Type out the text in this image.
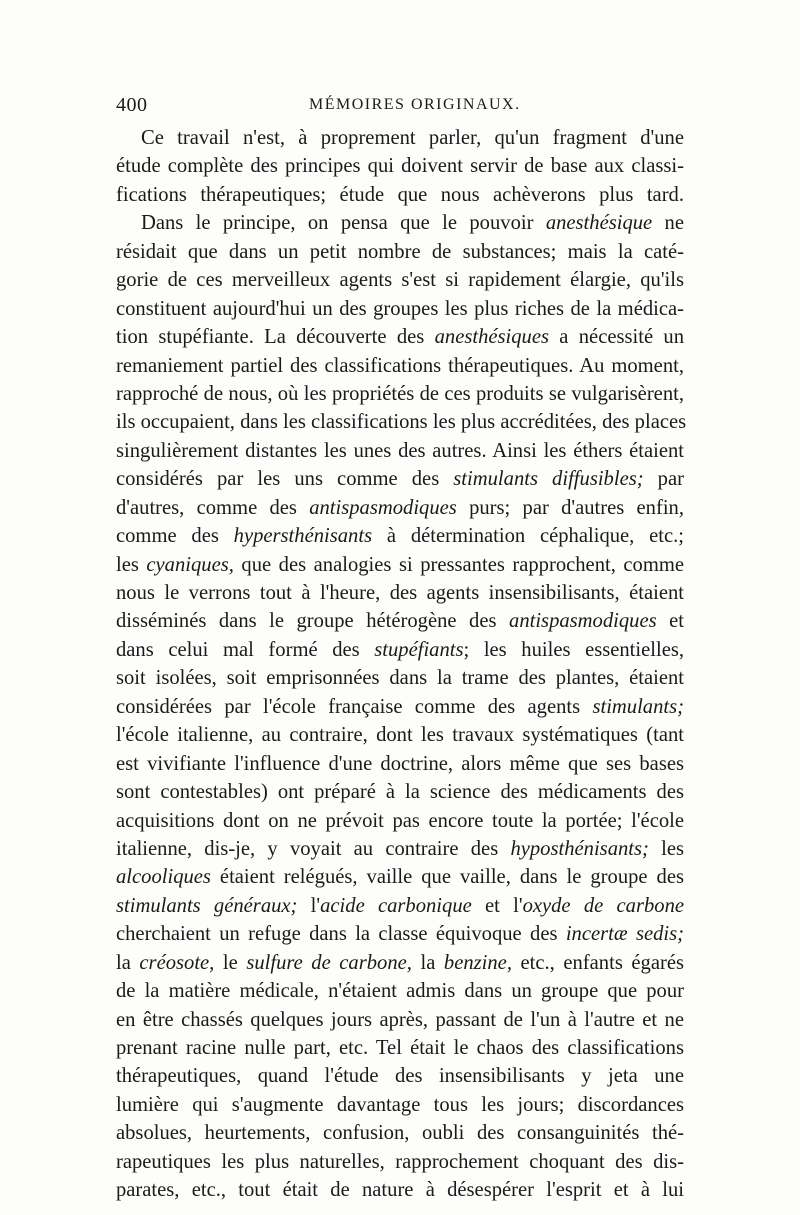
400	MÉMOIRES ORIGINAUX.
Ce travail n'est, à proprement parler, qu'un fragment d'une
étude complète des principes qui doivent servir de base aux classi-
fications thérapeutiques; étude que nous achèverons plus tard.
Dans le principe, on pensa que le pouvoir anesthésique ne
résidait que dans un petit nombre de substances; mais la caté-
gorie de ces merveilleux agents s'est si rapidement élargie, qu'ils
constituent aujourd'hui un des groupes les plus riches de la médica-
tion stupéfiante. La découverte des anesthésiques a nécessité un
remaniement partiel des classifications thérapeutiques. Au moment,
rapproché de nous, où les propriétés de ces produits se vulgarisèrent,
ils occupaient, dans les classifications les plus accréditées, des places
singulièrement distantes les unes des autres. Ainsi les éthers étaient
considérés par les uns comme des stimulants diffusibles; par
d'autres, comme des antispasmodiques purs; par d'autres enfin,
comme des hypersthénisants à détermination céphalique, etc.;
les cyaniques, que des analogies si pressantes rapprochent, comme
nous le verrons tout à l'heure, des agents insensibilisants, étaient
disséminés dans le groupe hétérogène des antispasmodiques et
dans celui mal formé des stupéfiants; les huiles essentielles,
soit isolées, soit emprisonnées dans la trame des plantes, étaient
considérées par l'école française comme des agents stimulants;
l'école italienne, au contraire, dont les travaux systématiques (tant
est vivifiante l'influence d'une doctrine, alors même que ses bases
sont contestables) ont préparé à la science des médicaments des
acquisitions dont on ne prévoit pas encore toute la portée; l'école
italienne, dis-je, y voyait au contraire des hyposthénisants; les
alcooliques étaient relégués, vaille que vaille, dans le groupe des
stimulants généraux; l'acide carbonique et l'oxyde de carbone
cherchaient un refuge dans la classe équivoque des incertæ sedis;
la créosote, le sulfure de carbone, la benzine, etc., enfants égarés
de la matière médicale, n'étaient admis dans un groupe que pour
en être chassés quelques jours après, passant de l'un à l'autre et ne
prenant racine nulle part, etc. Tel était le chaos des classifications
thérapeutiques, quand l'étude des insensibilisants y jeta une
lumière qui s'augmente davantage tous les jours; discordances
absolues, heurtements, confusion, oubli des consanguinités thé-
rapeutiques les plus naturelles, rapprochement choquant des dis-
parates, etc., tout était de nature à désespérer l'esprit et à lui
